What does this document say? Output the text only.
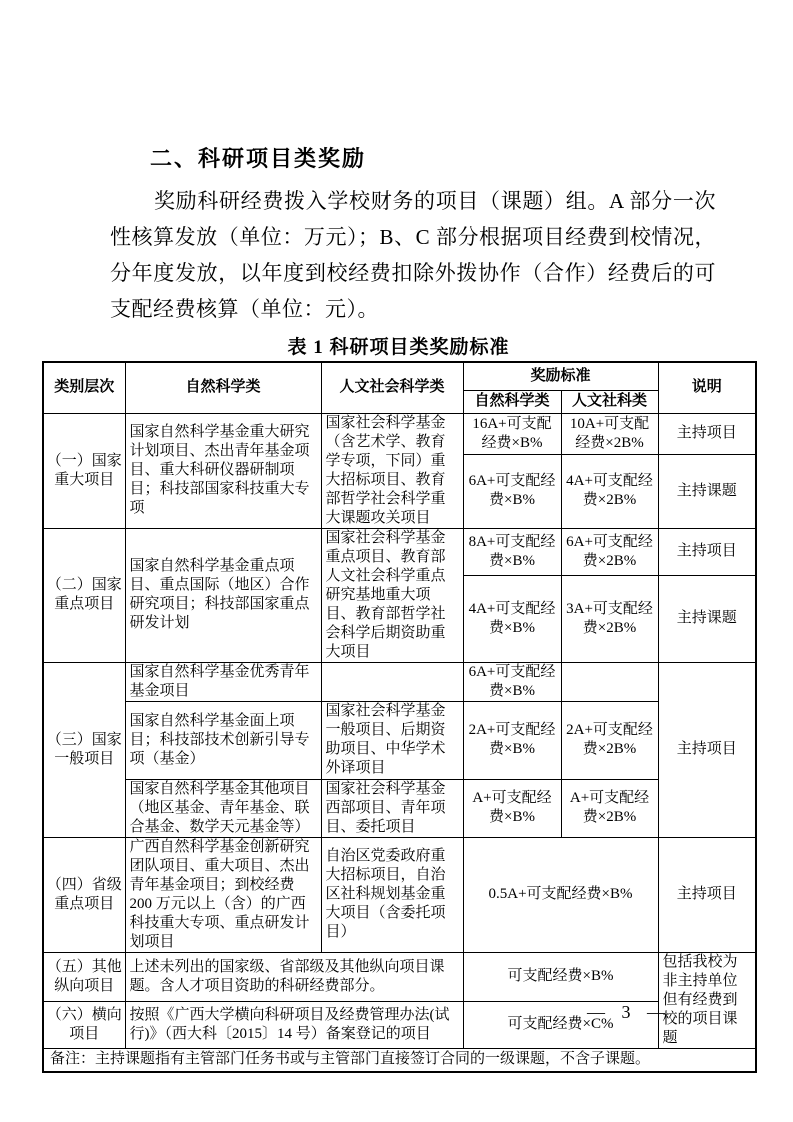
二、科研项目类奖励

奖励科研经费拨入学校财务的项目（课题）组。A 部分一次性核算发放（单位：万元）；B、C 部分根据项目经费到校情况，分年度发放，以年度到校经费扣除外拨协作（合作）经费后的可支配经费核算（单位：元）。

表 1 科研项目类奖励标准
类别层次	自然科学类	人文社会科学类	奖励标准		说明
			自然科学类	人文社科类	
（一）国家重大项目	国家自然科学基金重大研究计划项目、杰出青年基金项目、重大科研仪器研制项目；科技部国家科技重大专项	国家社会科学基金（含艺术学、教育学专项，下同）重大招标项目、教育部哲学社会科学重大课题攻关项目	16A+可支配经费×B%	10A+可支配经费×2B%	主持项目
			6A+可支配经费×B%	4A+可支配经费×2B%	主持课题
（二）国家重点项目	国家自然科学基金重点项目、重点国际（地区）合作研究项目；科技部国家重点研发计划	国家社会科学基金重点项目、教育部人文社会科学重点研究基地重大项目、教育部哲学社会科学后期资助重大项目	8A+可支配经费×B%	6A+可支配经费×2B%	主持项目
			4A+可支配经费×B%	3A+可支配经费×2B%	主持课题
（三）国家一般项目	国家自然科学基金优秀青年基金项目		6A+可支配经费×B%		主持项目
	国家自然科学基金面上项目；科技部技术创新引导专项（基金）	国家社会科学基金一般项目、后期资助项目、中华学术外译项目	2A+可支配经费×B%	2A+可支配经费×2B%	
	国家自然科学基金其他项目（地区基金、青年基金、联合基金、数学天元基金等）	国家社会科学基金西部项目、青年项目、委托项目	A+可支配经费×B%	A+可支配经费×2B%	
（四）省级重点项目	广西自然科学基金创新研究团队项目、重大项目、杰出青年基金项目；到校经费 200 万元以上（含）的广西科技重大专项、重点研发计划项目	自治区党委政府重大招标项目，自治区社科规划基金重大项目（含委托项目）	0.5A+可支配经费×B%		主持项目
（五）其他纵向项目	上述未列出的国家级、省部级及其他纵向项目课题。含人才项目资助的科研经费部分。		可支配经费×B%		包括我校为非主持单位但有经费到校的项目课题
（六）横向项目	按照《广西大学横向科研项目及经费管理办法(试行)》（西大科〔2015〕14 号）备案登记的项目		可支配经费×C%		
备注：主持课题指有主管部门任务书或与主管部门直接签订合同的一级课题，不含子课题。					
— 3 —
